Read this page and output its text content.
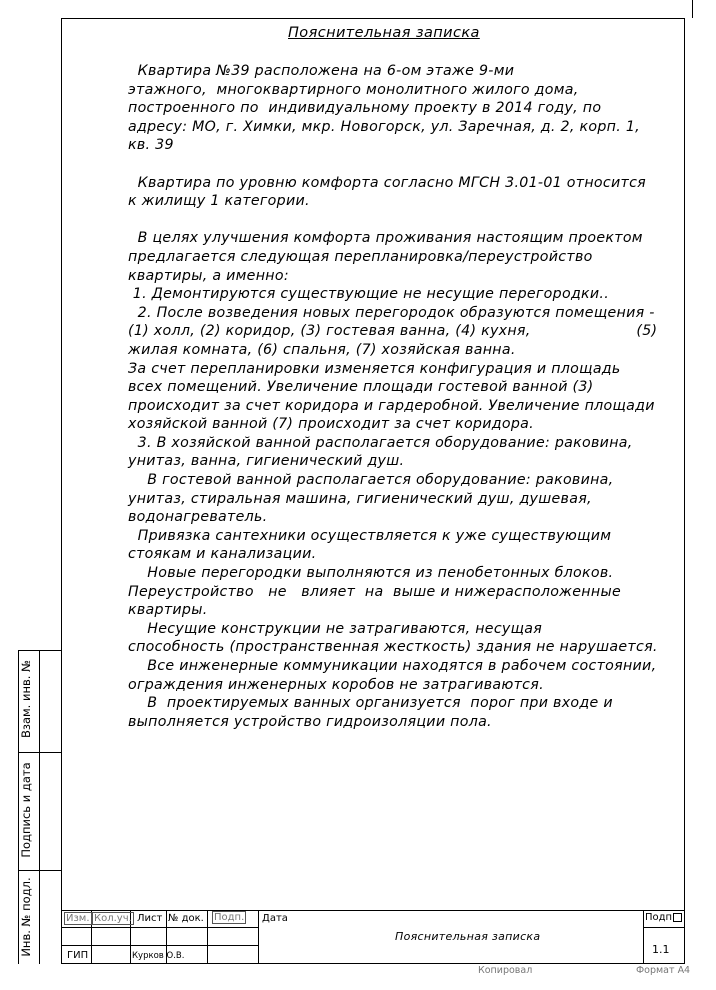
Инв. № подл.
Подпись и дата
Взам. инв. №
Пояснительная записка

Квартира №39 расположена на 6-ом этаже 9-ми

этажного,  многоквартирного монолитного жилого дома,

построенного по  индивидуальному проекту в 2014 году, по

адресу: МО, г. Химки, мкр. Новогорск, ул. Заречная, д. 2, корп. 1,

кв. 39

Квартира по уровню комфорта согласно МГСН 3.01-01 относится

к жилищу 1 категории.

В целях улучшения комфорта проживания настоящим проектом

предлагается следующая перепланировка/переустройство

квартиры, а именно:

1. Демонтируются существующие не несущие перегородки..

2. После возведения новых перегородок образуются помещения -

(1) холл, (2) коридор, (3) гостевая ванна, (4) кухня,                      (5)

жилая комната, (6) спальня, (7) хозяйская ванна.

За счет перепланировки изменяется конфигурация и площадь

всех помещений. Увеличение площади гостевой ванной (3)

происходит за счет коридора и гардеробной. Увеличение площади

хозяйской ванной (7) происходит за счет коридора.

3. В хозяйской ванной располагается оборудование: раковина,

унитаз, ванна, гигиенический душ.

В гостевой ванной располагается оборудование: раковина,

унитаз, стиральная машина, гигиенический душ, душевая,

водонагреватель.

Привязка сантехники осуществляется к уже существующим

стоякам и канализации.

Новые перегородки выполняются из пенобетонных блоков.

Переустройство   не   влияет  на  выше и нижерасположенные

квартиры.

Несущие конструкции не затрагиваются, несущая

способность (пространственная жесткость) здания не нарушается.

Все инженерные коммуникации находятся в рабочем состоянии,

ограждения инженерных коробов не затрагиваются.

В  проектируемых ванных организуется  порог при входе и

выполняется устройство гидроизоляции пола.

Изм. Кол.уч. Лист № док. Подп. Дата
ГИП	Курков О.В.
Пояснительная записка
Подп
1.1
Копировал	Формат А4
